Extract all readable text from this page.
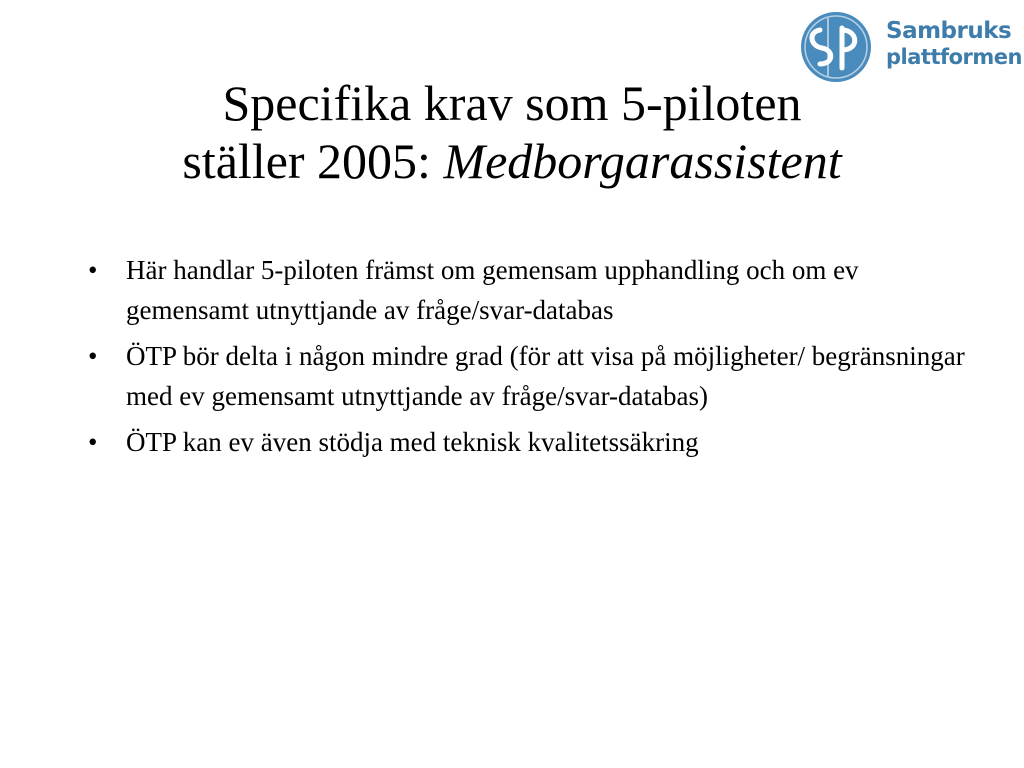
Sambruks
plattformen
Specifika krav som 5-piloten
ställer 2005: Medborgarassistent
• Här handlar 5-piloten främst om gemensam upphandling och om ev gemensamt utnyttjande av fråge/svar-databas
• ÖTP bör delta i någon mindre grad (för att visa på möjligheter/ begränsningar med ev gemensamt utnyttjande av fråge/svar-databas)
• ÖTP kan ev även stödja med teknisk kvalitetssäkring
